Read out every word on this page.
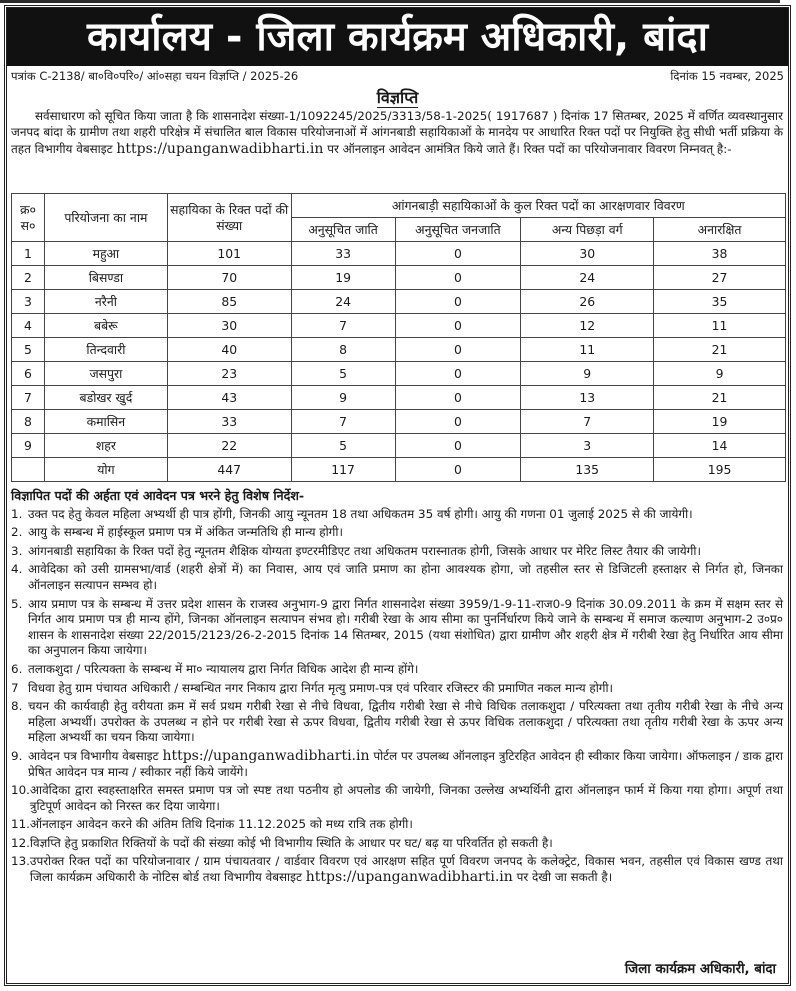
कार्यालय - जिला कार्यक्रम अधिकारी, बांदा
पत्रांक C-2138/ बा०वि०परि०/ आं०सहा चयन विज्ञप्ति / 2025-26	दिनांक 15 नवम्बर, 2025
विज्ञप्ति

सर्वसाधारण को सूचित किया जाता है कि शासनादेश संख्या-1/1092245/2025/3313/58-1-2025( 1917687 ) दिनांक 17 सितम्बर, 2025 में वर्णित व्यवस्थानुसार जनपद बांदा के ग्रामीण तथा शहरी परिक्षेत्र में संचालित बाल विकास परियोजनाओं में आंगनबाडी सहायिकाओं के मानदेय पर आधारित रिक्त पदों पर नियुक्ति हेतु सीधी भर्ती प्रक्रिया के तहत विभागीय वेबसाइट https://upanganwadibharti.in पर ऑनलाइन आवेदन आमंत्रित किये जाते हैं। रिक्त पदों का परियोजनावार विवरण निम्नवत् है:-

क्र० स०	परियोजना का नाम	सहायिका के रिक्त पदों की संख्या	आंगनबाड़ी सहायिकाओं के कुल रिक्त पदों का आरक्षणवार विवरण			
			अनुसूचित जाति	अनुसूचित जनजाति	अन्य पिछड़ा वर्ग	अनारक्षित
1	महुआ	101	33	0	30	38
2	बिसण्डा	70	19	0	24	27
3	नरैनी	85	24	0	26	35
4	बबेरू	30	7	0	12	11
5	तिन्दवारी	40	8	0	11	21
6	जसपुरा	23	5	0	9	9
7	बडोखर खुर्द	43	9	0	13	21
8	कमासिन	33	7	0	7	19
9	शहर	22	5	0	3	14
	योग	447	117	0	135	195
विज्ञापित पदों की अर्हता एवं आवेदन पत्र भरने हेतु विशेष निर्देश-
1. उक्त पद हेतु केवल महिला अभ्यर्थी ही पात्र होंगी, जिनकी आयु न्यूनतम 18 तथा अधिकतम 35 वर्ष होगी। आयु की गणना 01 जुलाई 2025 से की जायेगी।
2. आयु के सम्बन्ध में हाईस्कूल प्रमाण पत्र में अंकित जन्मतिथि ही मान्य होगी।
3. आंगनबाडी सहायिका के रिक्त पदों हेतु न्यूनतम शैक्षिक योग्यता इण्टरमीडिएट तथा अधिकतम परास्नातक होगी, जिसके आधार पर मेरिट लिस्ट तैयार की जायेगी।
4. आवेदिका को उसी ग्रामसभा/वार्ड (शहरी क्षेत्रों में) का निवास, आय एवं जाति प्रमाण का होना आवश्यक होगा, जो तहसील स्तर से डिजिटली हस्ताक्षर से निर्गत हो, जिनका ऑनलाइन सत्यापन सम्भव हो।
5. आय प्रमाण पत्र के सम्बन्ध में उत्तर प्रदेश शासन के राजस्व अनुभाग-9 द्वारा निर्गत शासनादेश संख्या 3959/1-9-11-राज0-9 दिनांक 30.09.2011 के क्रम में सक्षम स्तर से निर्गत आय प्रमाण पत्र ही मान्य होंगे, जिनका ऑनलाइन सत्यापन संभव हो। गरीबी रेखा के आय सीमा का पुनर्निर्धारण किये जाने के सम्बन्ध में समाज कल्याण अनुभाग-2 उ०प्र० शासन के शासनादेश संख्या 22/2015/2123/26-2-2015 दिनांक 14 सितम्बर, 2015 (यथा संशोधित) द्वारा ग्रामीण और शहरी क्षेत्र में गरीबी रेखा हेतु निर्धारित आय सीमा का अनुपालन किया जायेगा।
6. तलाकशुदा / परित्यक्ता के सम्बन्ध में मा० न्यायालय द्वारा निर्गत विधिक आदेश ही मान्य होंगे।
7 विधवा हेतु ग्राम पंचायत अधिकारी / सम्बन्धित नगर निकाय द्वारा निर्गत मृत्यु प्रमाण-पत्र एवं परिवार रजिस्टर की प्रमाणित नकल मान्य होगी।
8. चयन की कार्यवाही हेतु वरीयता क्रम में सर्व प्रथम गरीबी रेखा से नीचे विधवा, द्वितीय गरीबी रेखा से नीचे विधिक तलाकशुदा / परित्यक्ता तथा तृतीय गरीबी रेखा के नीचे अन्य महिला अभ्यर्थी। उपरोक्त के उपलब्ध न होने पर गरीबी रेखा से ऊपर विधवा, द्वितीय गरीबी रेखा से ऊपर विधिक तलाकशुदा / परित्यक्ता तथा तृतीय गरीबी रेखा के ऊपर अन्य महिला अभ्यर्थी का चयन किया जायेगा।
9. आवेदन पत्र विभागीय वेबसाइट https://upanganwadibharti.in पोर्टल पर उपलब्ध ऑनलाइन त्रुटिरहित आवेदन ही स्वीकार किया जायेगा। ऑफलाइन / डाक द्वारा प्रेषित आवेदन पत्र मान्य / स्वीकार नहीं किये जायेंगे।
10. आवेदिका द्वारा स्वहस्ताक्षरित समस्त प्रमाण पत्र जो स्पष्ट तथा पठनीय हो अपलोड की जायेगी, जिनका उल्लेख अभ्यर्थिनी द्वारा ऑनलाइन फार्म में किया गया होगा। अपूर्ण तथा त्रुटिपूर्ण आवेदन को निरस्त कर दिया जायेगा।
11. ऑनलाइन आवेदन करने की अंतिम तिथि दिनांक 11.12.2025 को मध्य रात्रि तक होगी।
12. विज्ञप्ति हेतु प्रकाशित रिक्तियों के पदों की संख्या कोई भी विभागीय स्थिति के आधार पर घट/ बढ़ या परिवर्तित हो सकती है।
13. उपरोक्त रिक्त पदों का परियोजनावार / ग्राम पंचायतवार / वार्डवार विवरण एवं आरक्षण सहित पूर्ण विवरण जनपद के कलेक्ट्रेट, विकास भवन, तहसील एवं विकास खण्ड तथा जिला कार्यक्रम अधिकारी के नोटिस बोर्ड तथा विभागीय वेबसाइट https://upanganwadibharti.in पर देखी जा सकती है।
जिला कार्यक्रम अधिकारी, बांदा
